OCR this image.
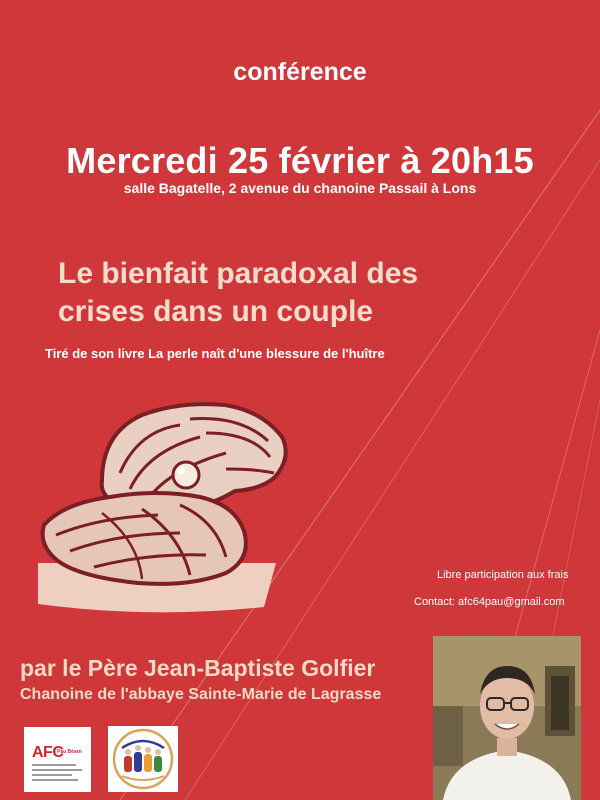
conférence
Mercredi 25 février à 20h15
salle Bagatelle, 2 avenue du chanoine Passail à Lons
Le bienfait paradoxal des
crises dans un couple
Tiré de son livre La perle naît d'une blessure de l'huître
Libre participation aux frais
Contact: afc64pau@gmail.com
par le Père Jean-Baptiste Golfier
Chanoine de l'abbaye Sainte-Marie de Lagrasse
AFC
Pau Béarn
